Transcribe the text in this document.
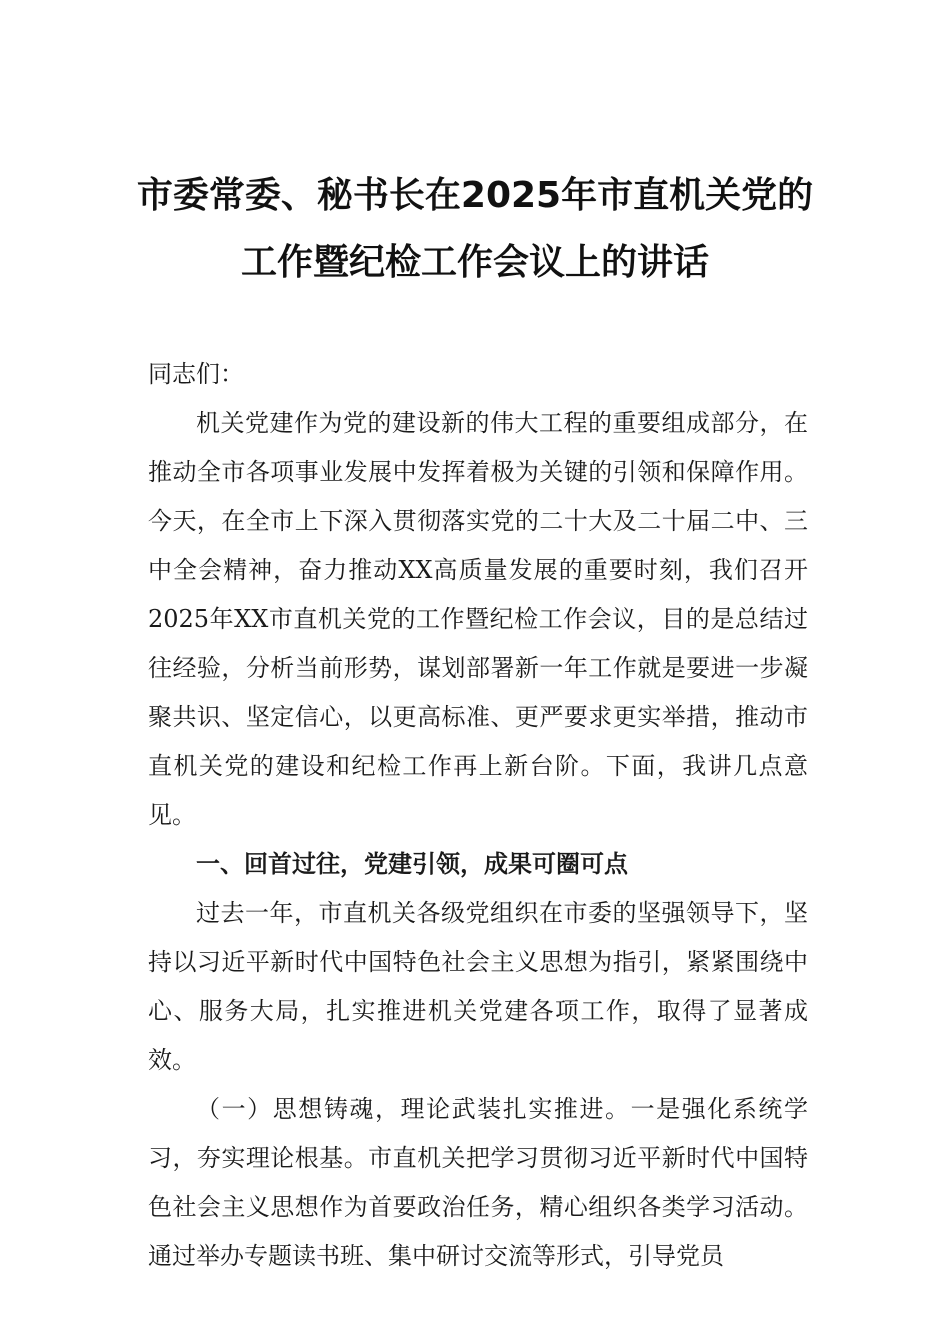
市委常委、秘书长在2025年市直机关党的
工作暨纪检工作会议上的讲话

同志们：

机关党建作为党的建设新的伟大工程的重要组成部分，在推动全市各项事业发展中发挥着极为关键的引领和保障作用。今天，在全市上下深入贯彻落实党的二十大及二十届二中、三中全会精神，奋力推动XX高质量发展的重要时刻，我们召开2025年XX市直机关党的工作暨纪检工作会议，目的是总结过往经验，分析当前形势，谋划部署新一年工作就是要进一步凝聚共识、坚定信心，以更高标准、更严要求更实举措，推动市直机关党的建设和纪检工作再上新台阶。下面，我讲几点意见。

一、回首过往，党建引领，成果可圈可点

过去一年，市直机关各级党组织在市委的坚强领导下，坚持以习近平新时代中国特色社会主义思想为指引，紧紧围绕中心、服务大局，扎实推进机关党建各项工作，取得了显著成效。

（一）思想铸魂，理论武装扎实推进。一是强化系统学习，夯实理论根基。市直机关把学习贯彻习近平新时代中国特色社会主义思想作为首要政治任务，精心组织各类学习活动。通过举办专题读书班、集中研讨交流等形式，引导党员
